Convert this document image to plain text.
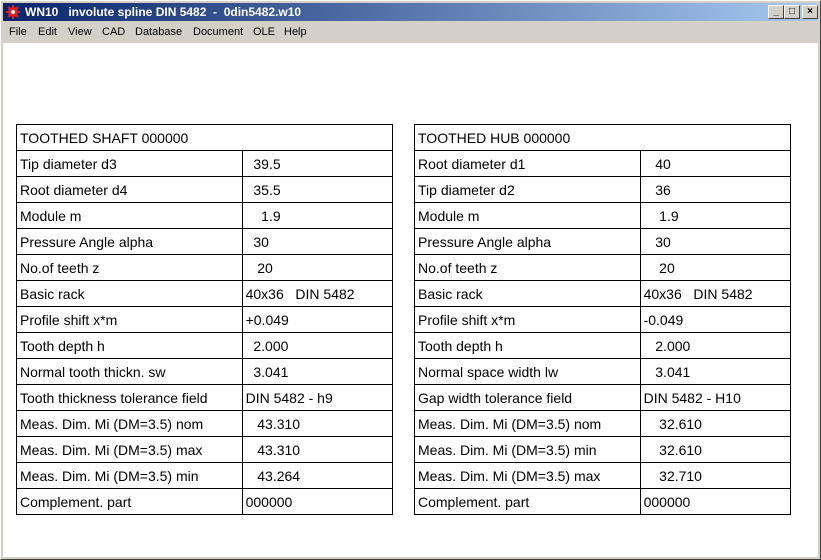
WN10   involute spline DIN 5482  -  0din5482.w10	_	□	×
File Edit View CAD Database Document OLE Help
TOOTHED SHAFT 000000	
Tip diameter d3	39.5
Root diameter d4	35.5
Module m	1.9
Pressure Angle alpha	30
No.of teeth z	20
Basic rack	40x36   DIN 5482
Profile shift x*m	+0.049
Tooth depth h	2.000
Normal tooth thickn. sw	3.041
Tooth thickness tolerance field	DIN 5482 - h9
Meas. Dim. Mi (DM=3.5) nom	43.310
Meas. Dim. Mi (DM=3.5) max	43.310
Meas. Dim. Mi (DM=3.5) min	43.264
Complement. part	000000
TOOTHED HUB 000000	
Root diameter d1	40
Tip diameter d2	36
Module m	1.9
Pressure Angle alpha	30
No.of teeth z	20
Basic rack	40x36   DIN 5482
Profile shift x*m	-0.049
Tooth depth h	2.000
Normal space width lw	3.041
Gap width tolerance field	DIN 5482 - H10
Meas. Dim. Mi (DM=3.5) nom	32.610
Meas. Dim. Mi (DM=3.5) min	32.610
Meas. Dim. Mi (DM=3.5) max	32.710
Complement. part	000000
